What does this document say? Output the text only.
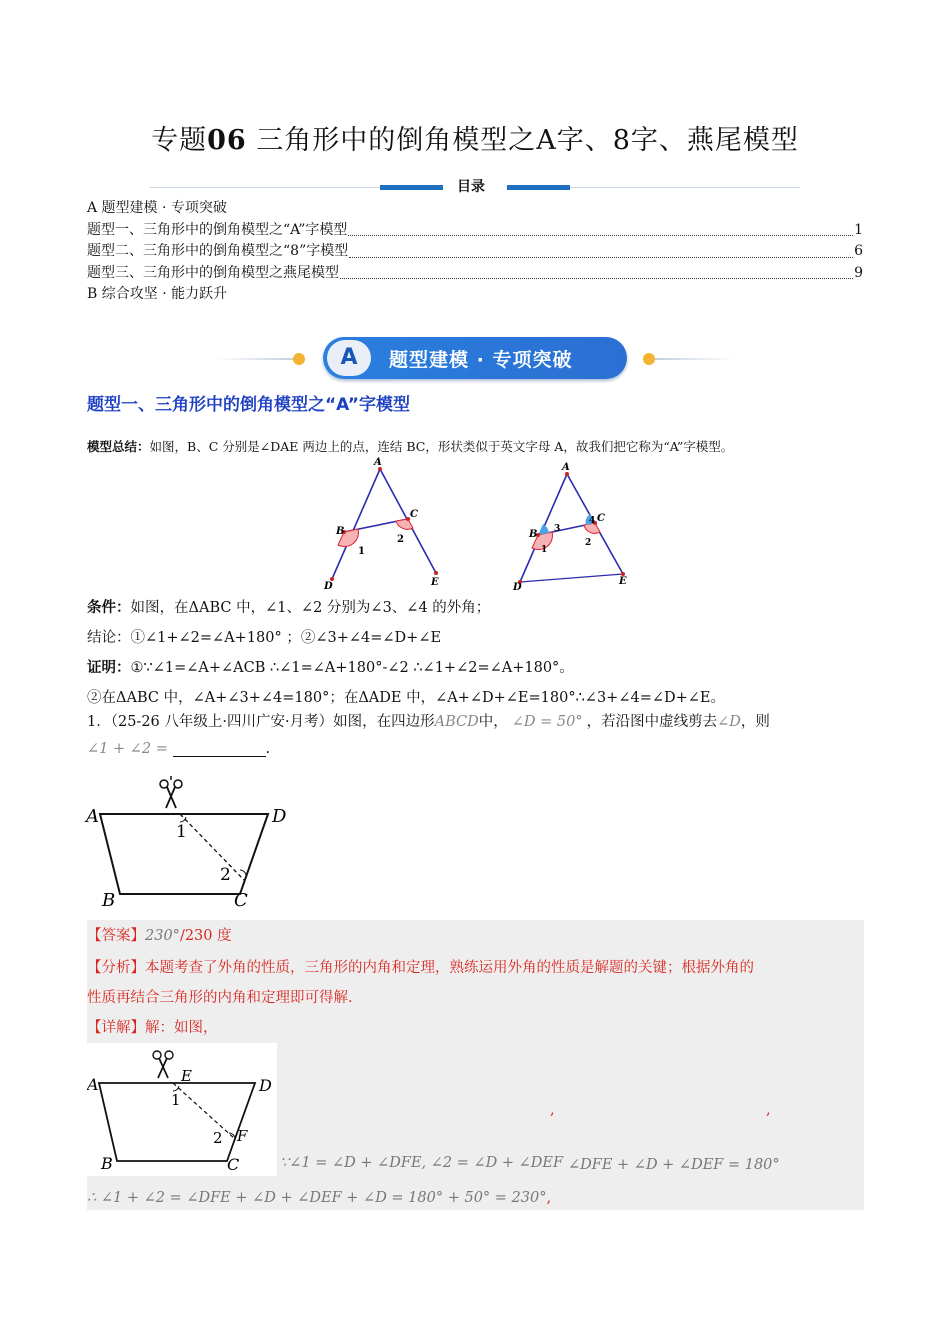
专题06 三角形中的倒角模型之A字、8字、燕尾模型
目录
A 题型建模 · 专项突破
题型一、三角形中的倒角模型之“A”字模型	1
题型二、三角形中的倒角模型之“8”字模型	6
题型三、三角形中的倒角模型之燕尾模型	9
B 综合攻坚 · 能力跃升
A	题型建模 · 专项突破
题型一、三角形中的倒角模型之“A”字模型
模型总结：如图，B、C 分别是∠DAE 两边上的点，连结 BC，形状类似于英文字母 A，故我们把它称为“A”字模型。
A
B
C
D	E
1
2
A
B
C
D
E
1
2
3
4
条件：如图，在ΔABC 中，∠1、∠2 分别为∠3、∠4 的外角；
结论：①∠1+∠2=∠A+180° ；②∠3+∠4=∠D+∠E
证明：①∵∠1=∠A+∠ACB ∴∠1=∠A+180°-∠2 ∴∠1+∠2=∠A+180°。
②在ΔABC 中，∠A+∠3+∠4=180°；在ΔADE 中，∠A+∠D+∠E=180°∴∠3+∠4=∠D+∠E。
1．（25-26 八年级上·四川广安·月考）如图，在四边形ABCD中， ∠D = 50° ，若沿图中虚线剪去∠D，则
∠1 + ∠2 =	.
A
B	C
D
1
2
【答案】230°/230 度
【分析】本题考查了外角的性质，三角形的内角和定理，熟练运用外角的性质是解题的关键；根据外角的
性质再结合三角形的内角和定理即可得解.
【详解】解：如图，
A
B	C
D
E
F
1
2
,	,
∵∠1 = ∠D + ∠DFE, ∠2 = ∠D + ∠DEF ∠DFE + ∠D + ∠DEF = 180°
∴ ∠1 + ∠2 = ∠DFE + ∠D + ∠DEF + ∠D = 180° + 50° = 230°,
